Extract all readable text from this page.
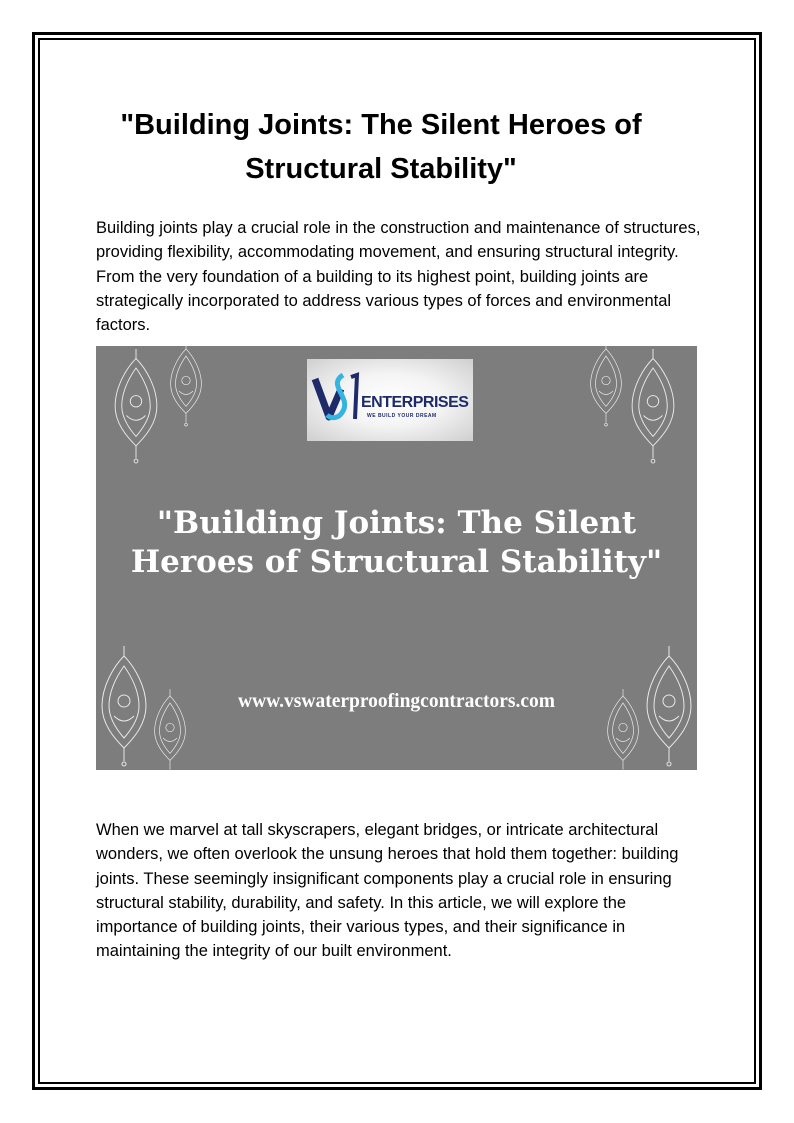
"Building Joints: The Silent Heroes of Structural Stability"

Building joints play a crucial role in the construction and maintenance of structures, providing flexibility, accommodating movement, and ensuring structural integrity. From the very foundation of a building to its highest point, building joints are strategically incorporated to address various types of forces and environmental factors.

ENTERPRISES
WE BUILD YOUR DREAM
"Building Joints: The Silent Heroes of Structural Stability"
www.vswaterproofingcontractors.com

When we marvel at tall skyscrapers, elegant bridges, or intricate architectural wonders, we often overlook the unsung heroes that hold them together: building joints. These seemingly insignificant components play a crucial role in ensuring structural stability, durability, and safety. In this article, we will explore the importance of building joints, their various types, and their significance in maintaining the integrity of our built environment.
